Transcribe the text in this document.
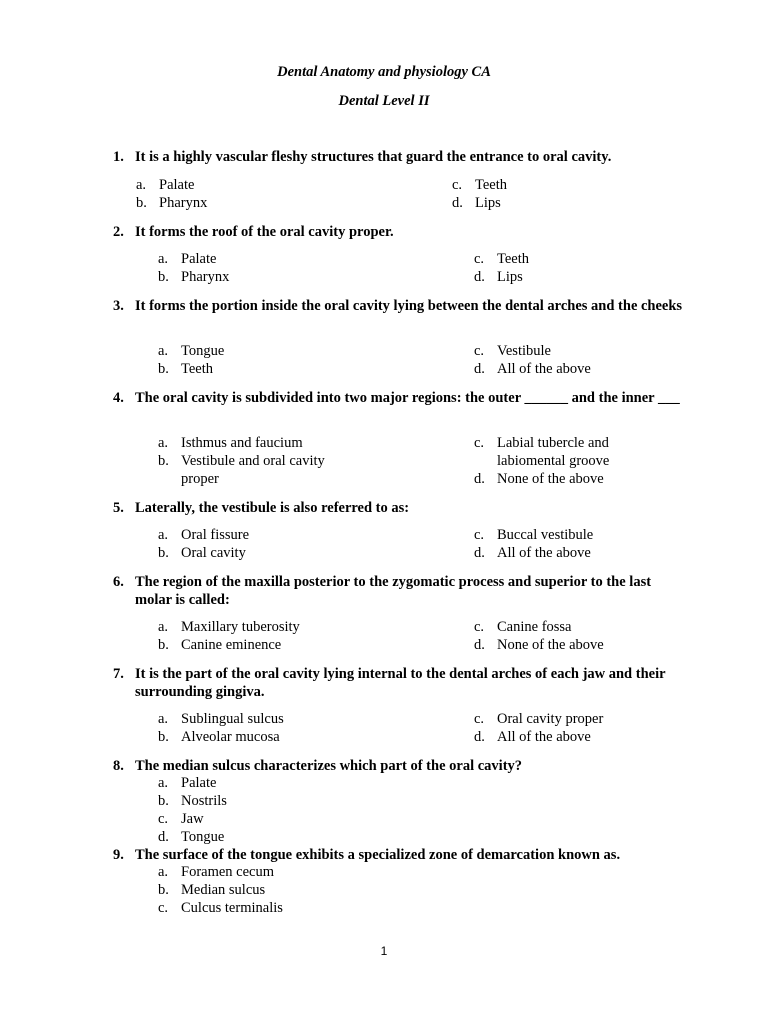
Dental Anatomy and physiology CA
Dental Level II
1. It is a highly vascular fleshy structures that guard the entrance to oral cavity.
a. Palate
b. Pharynx
c. Teeth
d. Lips
2. It forms the roof of the oral cavity proper.
a. Palate
b. Pharynx
c. Teeth
d. Lips
3. It forms the portion inside the oral cavity lying between the dental arches and the cheeks
a. Tongue
b. Teeth
c. Vestibule
d. All of the above
4. The oral cavity is subdivided into two major regions: the outer ______ and the inner ___
a. Isthmus and faucium
b. Vestibule and oral cavity proper
c. Labial tubercle and labiomental groove
d. None of the above
5. Laterally, the vestibule is also referred to as:
a. Oral fissure
b. Oral cavity
c. Buccal vestibule
d. All of the above
6. The region of the maxilla posterior to the zygomatic process and superior to the last molar is called:
a. Maxillary tuberosity
b. Canine eminence
c. Canine fossa
d. None of the above
7. It is the part of the oral cavity lying internal to the dental arches of each jaw and their surrounding gingiva.
a. Sublingual sulcus
b. Alveolar mucosa
c. Oral cavity proper
d. All of the above
8. The median sulcus characterizes which part of the oral cavity?
a. Palate
b. Nostrils
c. Jaw
d. Tongue
9. The surface of the tongue exhibits a specialized zone of demarcation known as.
a. Foramen cecum
b. Median sulcus
c. Culcus terminalis
1
